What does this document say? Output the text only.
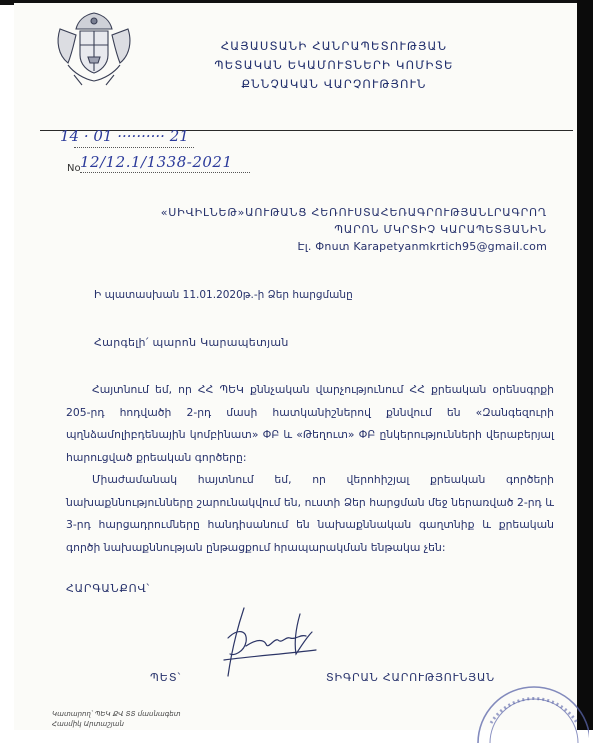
ՀԱՅԱՍՏԱՆԻ ՀԱՆՐԱՊԵՏՈՒԹՅԱՆ
ՊԵՏԱԿԱՆ ԵԿԱՄՈՒՏՆԵՐԻ ԿՈՄԻՏԵ
ՔՆՆՉԱԿԱՆ ՎԱՐՉՈՒԹՅՈՒՆ
14 · 01 ·········· 21
No 12/12.1/1338-2021
«ՍԻՎԻԼՆԵԹ»ԱՈՒԹԱՆՑ ՀԵՌՈՒՍՏԱՀԵՌԱԳՐՈՒԹՅԱՆԼՐԱԳՐՈՂ
ՊԱՐՈՆ ՄԿՐՏԻՉ ԿԱՐԱՊԵՏՅԱՆԻՆ
Էլ. Փոստ Karapetyanmkrtich95@gmail.com
Ի պատասխան 11.01.2020թ.-ի Ձեր հարցմանը
Հարգելի՛ պարոն Կարապետյան

Հայտնում եմ, որ ՀՀ ՊԵԿ քննչական վարչությունում ՀՀ քրեական օրենսգրքի 205-րդ հոդվածի 2-րդ մասի հատկանիշներով քննվում են «Զանգեզուրի պղնձամոլիբդենային կոմբինատ» ՓԲ և «Թեղուտ» ՓԲ ընկերությունների վերաբերյալ հարուցված քրեական գործերը:

Միաժամանակ հայտնում եմ, որ վերոհիշյալ քրեական գործերի նախաքննությունները շարունակվում են, ուստի Ձեր հարցման մեջ ներառված 2-րդ և 3-րդ հարցադրումները հանդիսանում են նախաքննական գաղտնիք և քրեական գործի նախաքննության ընթացքում հրապարակման ենթակա չեն:

ՀԱՐԳԱՆՔՈՎ՝
ՊԵՏ՝	ՏԻԳՐԱՆ ՀԱՐՈՒԹՅՈՒՆՅԱՆ
Կատարող՝ ՊԵԿ ՔՎ ՏՏ մասնագետ
Հասմիկ Արտաշյան
